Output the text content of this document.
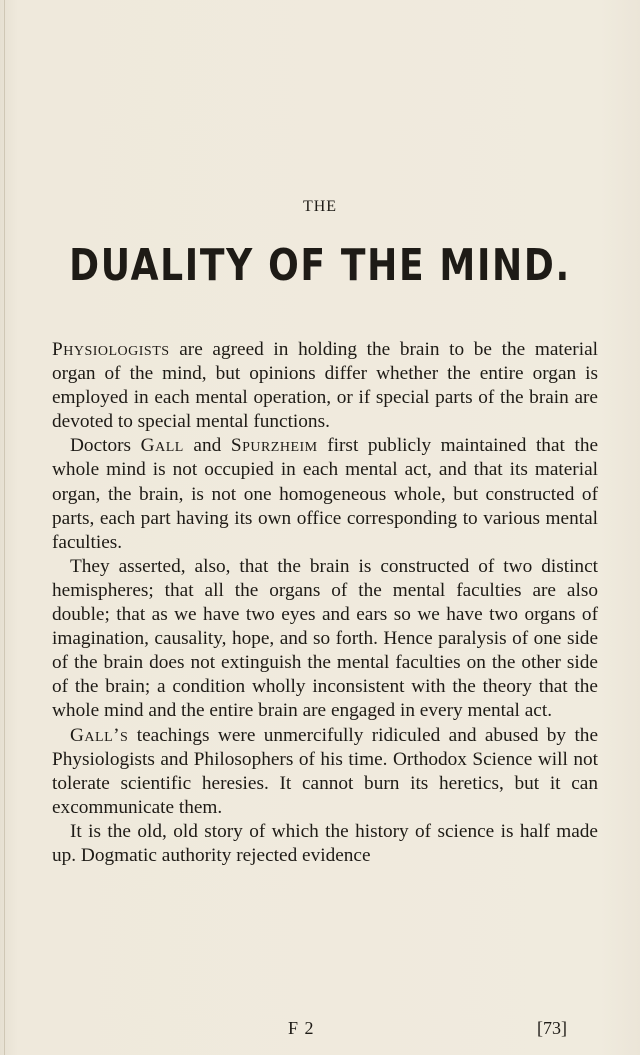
THE
DUALITY OF THE MIND.

Physiologists are agreed in holding the brain to be the material organ of the mind, but opinions differ whether the entire organ is employed in each mental operation, or if special parts of the brain are devoted to special mental functions.

Doctors Gall and Spurzheim first publicly maintained that the whole mind is not occupied in each mental act, and that its material organ, the brain, is not one homogeneous whole, but constructed of parts, each part having its own office corresponding to various mental faculties.

They asserted, also, that the brain is constructed of two distinct hemispheres; that all the organs of the mental faculties are also double; that as we have two eyes and ears so we have two organs of imagination, causality, hope, and so forth. Hence paralysis of one side of the brain does not extinguish the mental faculties on the other side of the brain; a condition wholly inconsistent with the theory that the whole mind and the entire brain are engaged in every mental act.

Gall’s teachings were unmercifully ridiculed and abused by the Physiologists and Philosophers of his time. Orthodox Science will not tolerate scientific heresies. It cannot burn its heretics, but it can excommunicate them.

It is the old, old story of which the history of science is half made up. Dogmatic authority rejected evidence

F 2	[73]
